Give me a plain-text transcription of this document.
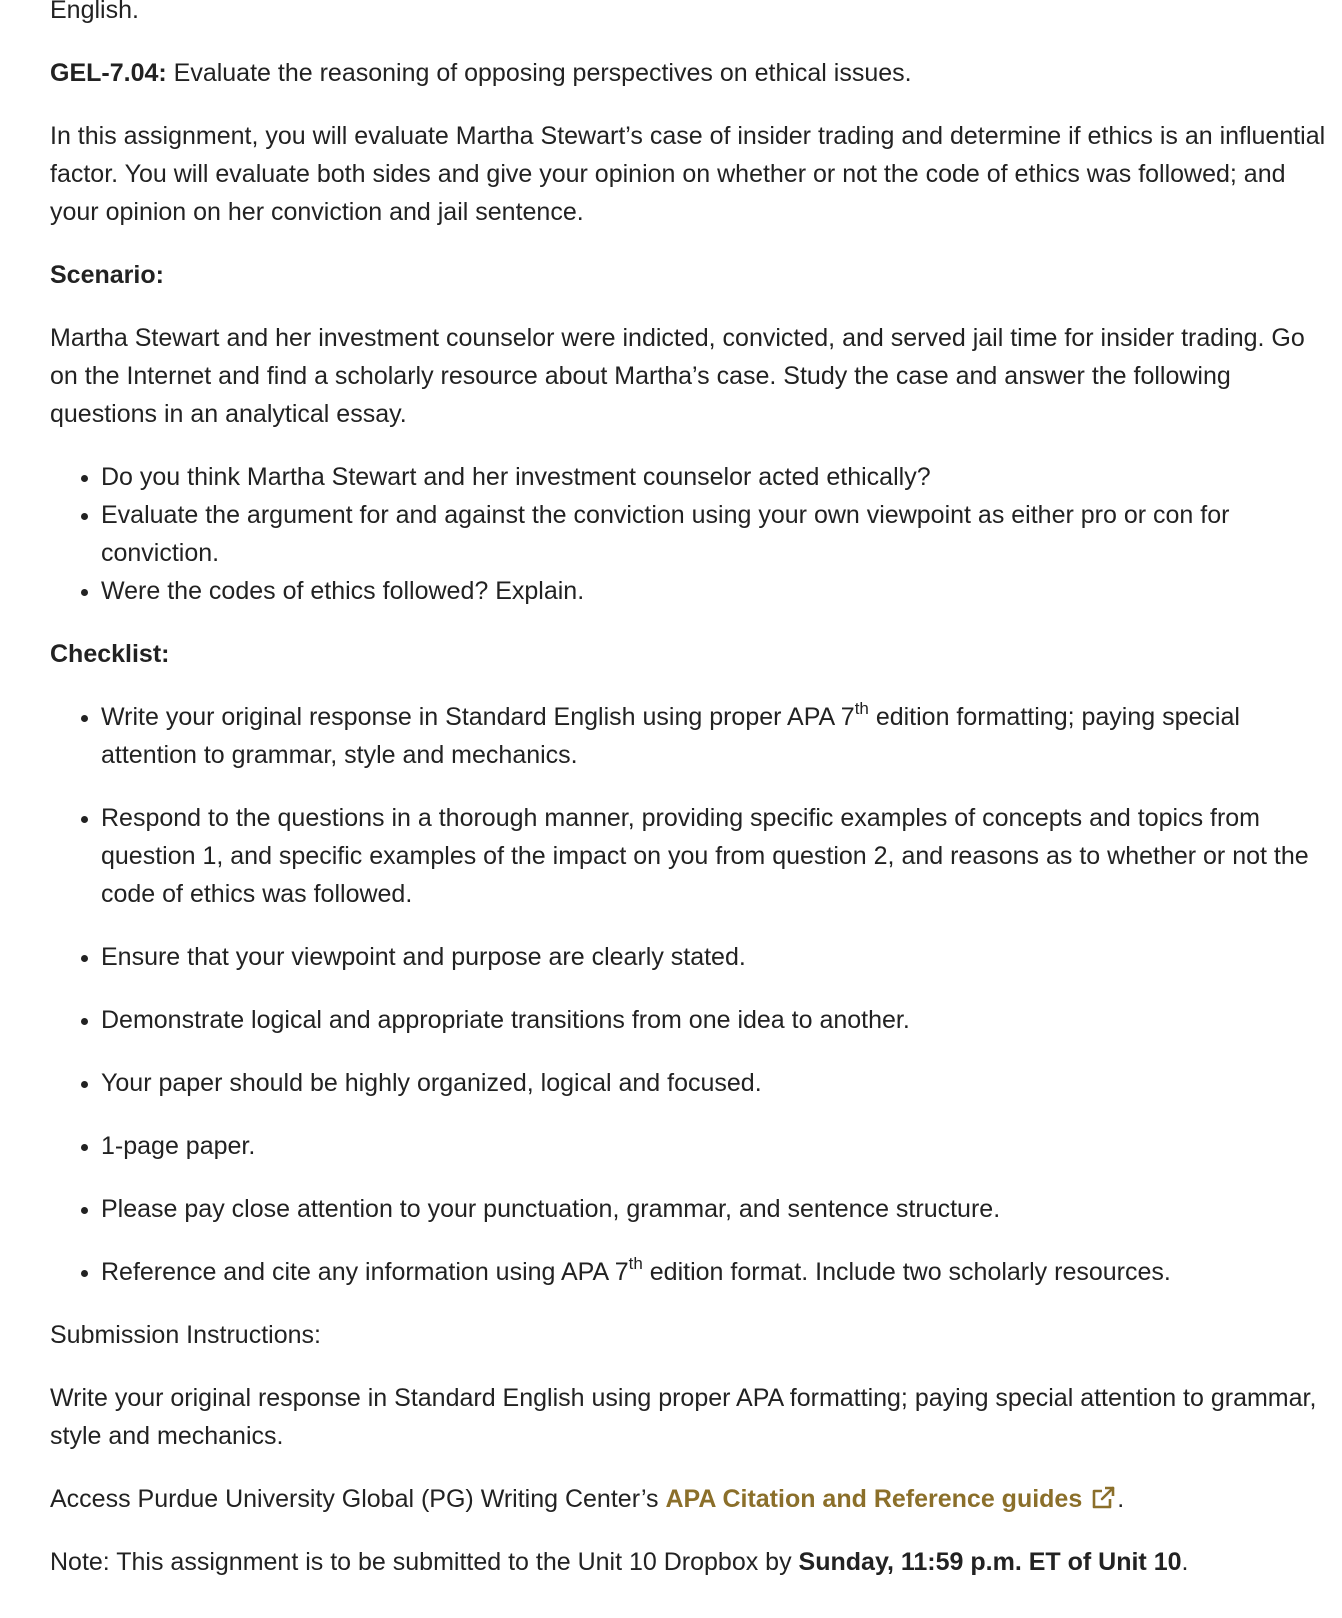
English.

GEL-7.04: Evaluate the reasoning of opposing perspectives on ethical issues.

In this assignment, you will evaluate Martha Stewart’s case of insider trading and determine if ethics is an influential factor. You will evaluate both sides and give your opinion on whether or not the code of ethics was followed; and your opinion on her conviction and jail sentence.

Scenario:

Martha Stewart and her investment counselor were indicted, convicted, and served jail time for insider trading. Go on the Internet and find a scholarly resource about Martha’s case. Study the case and answer the following questions in an analytical essay.

• Do you think Martha Stewart and her investment counselor acted ethically?
• Evaluate the argument for and against the conviction using your own viewpoint as either pro or con for conviction.
• Were the codes of ethics followed? Explain.

Checklist:

• Write your original response in Standard English using proper APA 7th edition formatting; paying special attention to grammar, style and mechanics.
• Respond to the questions in a thorough manner, providing specific examples of concepts and topics from question 1, and specific examples of the impact on you from question 2, and reasons as to whether or not the code of ethics was followed.
• Ensure that your viewpoint and purpose are clearly stated.
• Demonstrate logical and appropriate transitions from one idea to another.
• Your paper should be highly organized, logical and focused.
• 1-page paper.
• Please pay close attention to your punctuation, grammar, and sentence structure.
• Reference and cite any information using APA 7th edition format. Include two scholarly resources.

Submission Instructions:

Write your original response in Standard English using proper APA formatting; paying special attention to grammar, style and mechanics.

Access Purdue University Global (PG) Writing Center’s APA Citation and Reference guides .

Note: This assignment is to be submitted to the Unit 10 Dropbox by Sunday, 11:59 p.m. ET of Unit 10.
